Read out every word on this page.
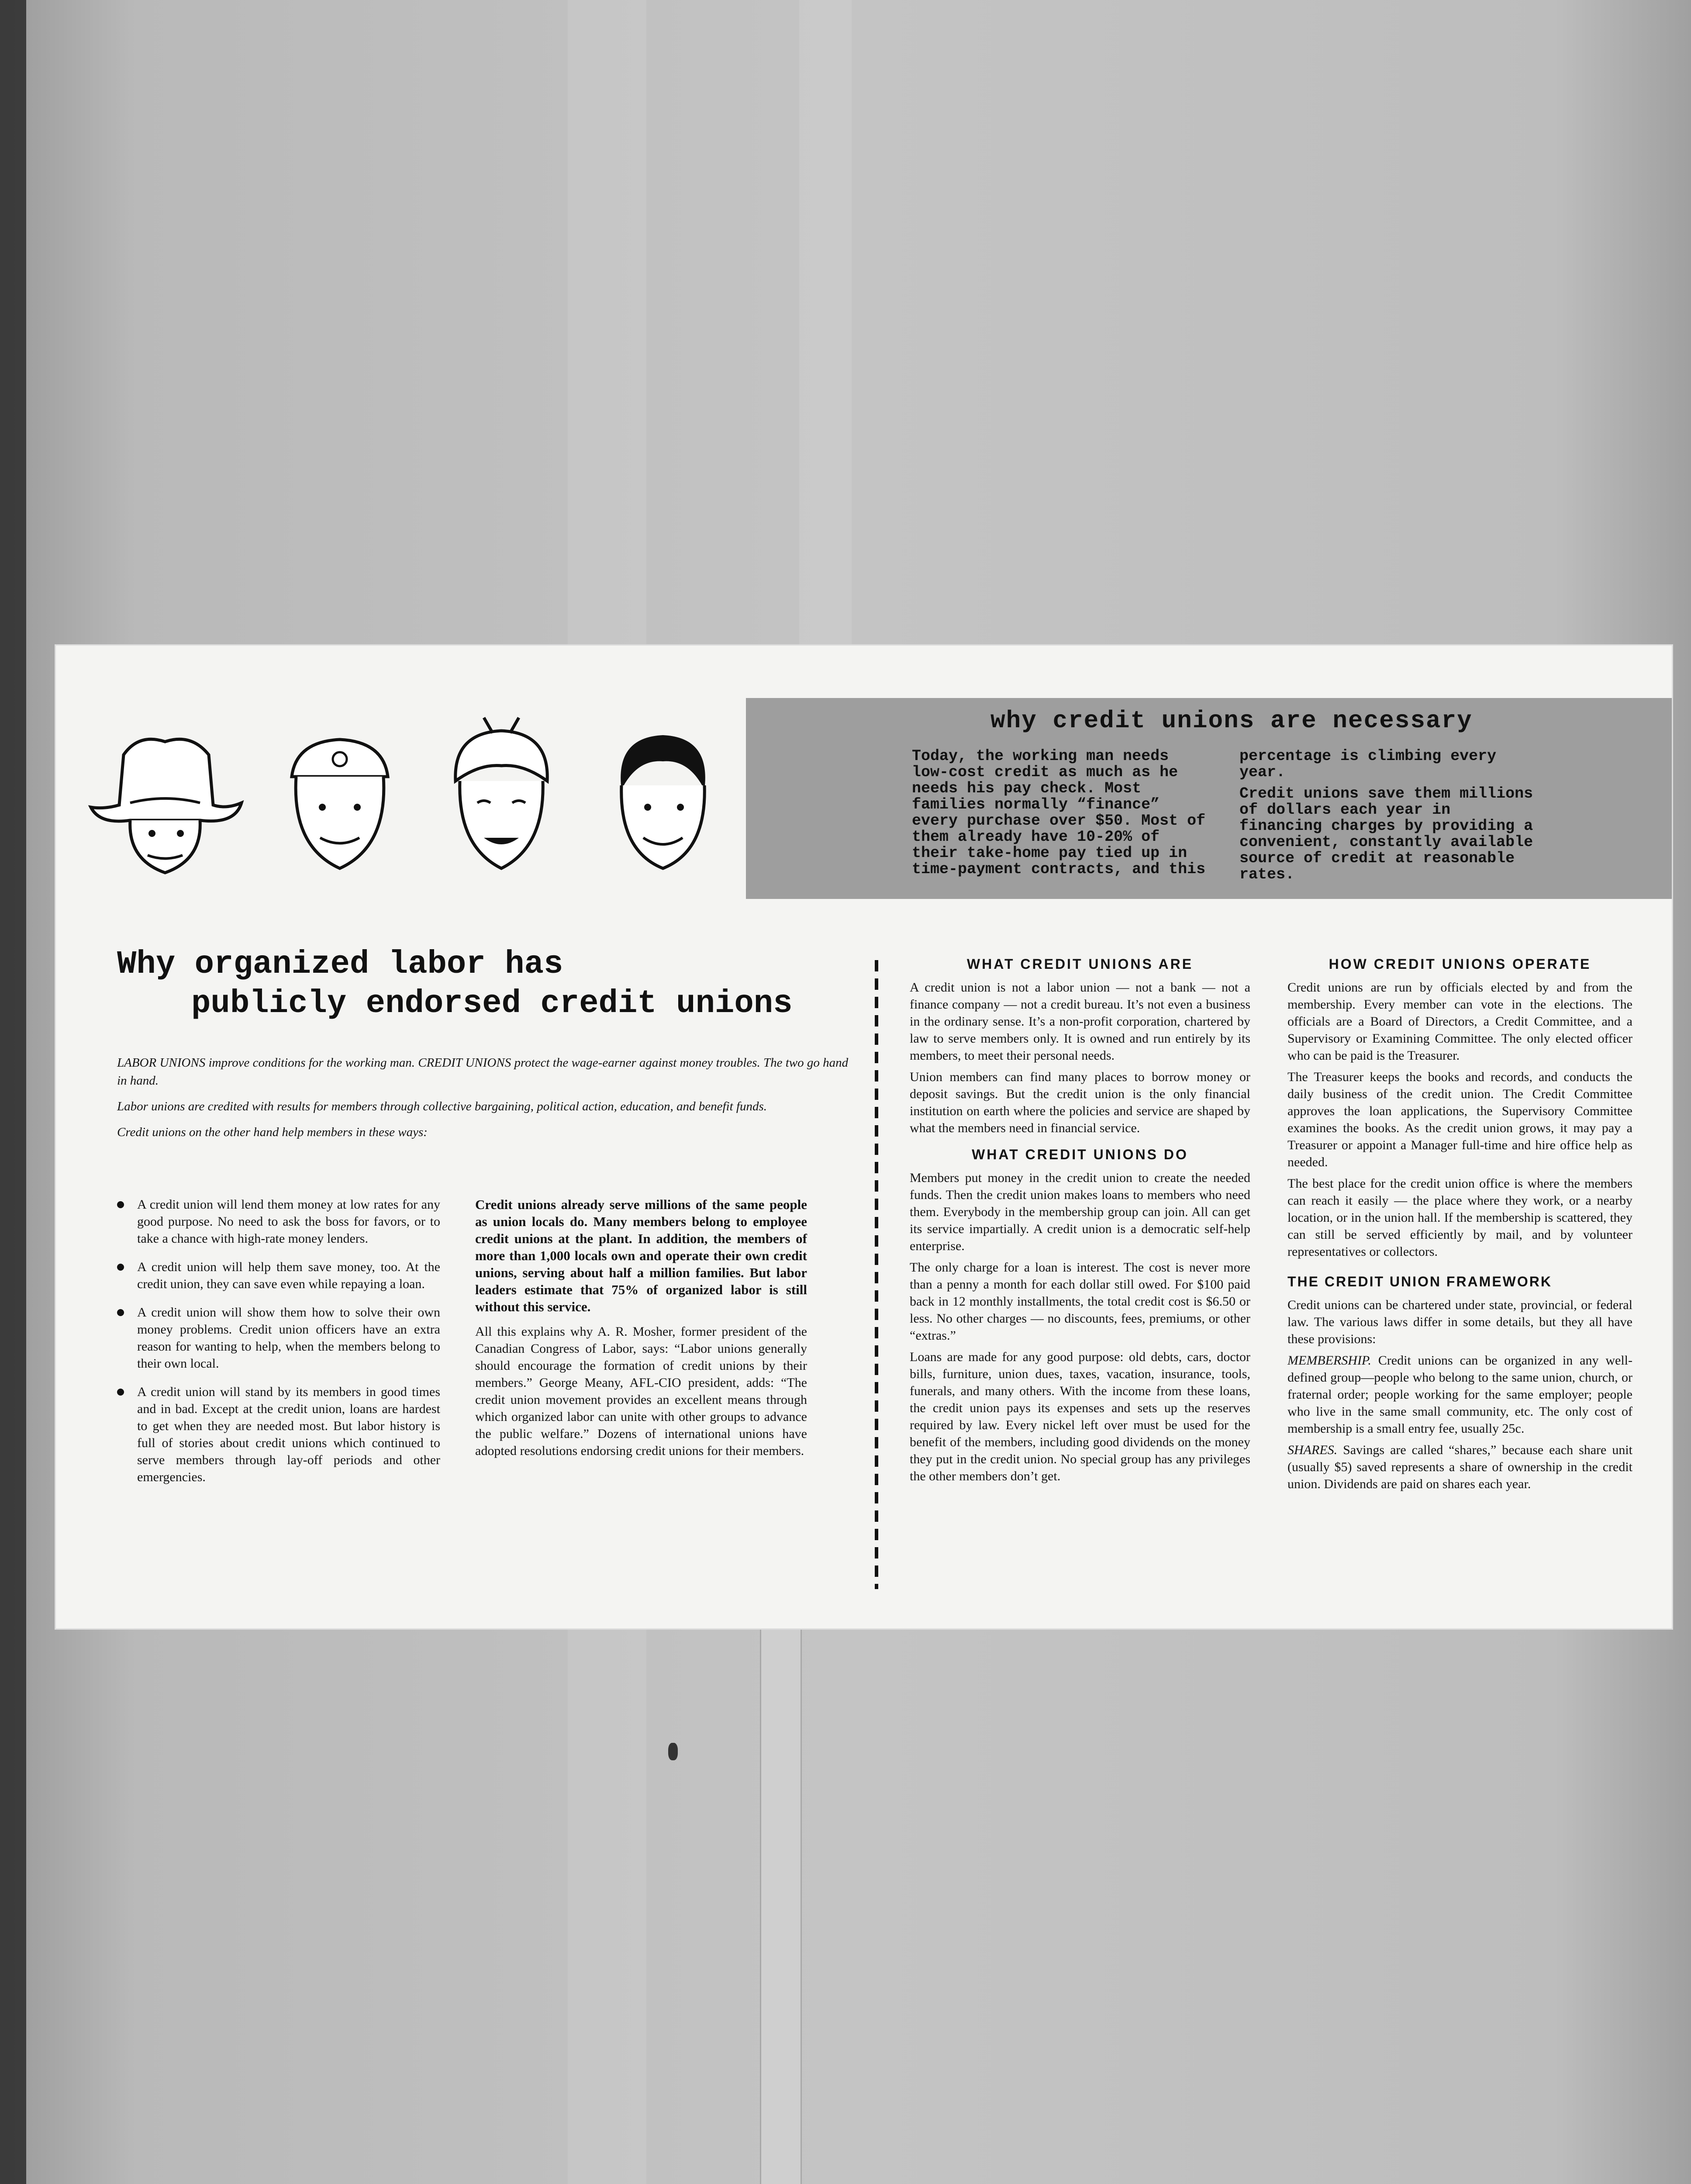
why credit unions are necessary
Today, the working man needs low-cost credit as much as he needs his pay check. Most families normally “finance” every purchase over $50. Most of them already have 10-20% of their take-home pay tied up in time-payment contracts, and this
percentage is climbing every year.
Credit unions save them millions of dollars each year in financing charges by providing a convenient, constantly available source of credit at reasonable rates.
Why organized labor has
publicly endorsed credit unions

LABOR UNIONS improve conditions for the working man. CREDIT UNIONS protect the wage-earner against money troubles. The two go hand in hand.

Labor unions are credited with results for members through collective bargaining, political action, education, and benefit funds.

Credit unions on the other hand help members in these ways:

A credit union will lend them money at low rates for any good purpose. No need to ask the boss for favors, or to take a chance with high-rate money lenders.
A credit union will help them save money, too. At the credit union, they can save even while repaying a loan.
A credit union will show them how to solve their own money problems. Credit union officers have an extra reason for wanting to help, when the members belong to their own local.
A credit union will stand by its members in good times and in bad. Except at the credit union, loans are hardest to get when they are needed most. But labor history is full of stories about credit unions which continued to serve members through lay-off periods and other emergencies.

Credit unions already serve millions of the same people as union locals do. Many members belong to employee credit unions at the plant. In addition, the members of more than 1,000 locals own and operate their own credit unions, serving about half a million families. But labor leaders estimate that 75% of organized labor is still without this service.

All this explains why A. R. Mosher, former president of the Canadian Congress of Labor, says: “Labor unions generally should encourage the formation of credit unions by their members.” George Meany, AFL-CIO president, adds: “The credit union movement provides an excellent means through which organized labor can unite with other groups to advance the public welfare.” Dozens of international unions have adopted resolutions endorsing credit unions for their members.

WHAT CREDIT UNIONS ARE

A credit union is not a labor union — not a bank — not a finance company — not a credit bureau. It’s not even a business in the ordinary sense. It’s a non-profit corporation, chartered by law to serve members only. It is owned and run entirely by its members, to meet their personal needs.

Union members can find many places to borrow money or deposit savings. But the credit union is the only financial institution on earth where the policies and service are shaped by what the members need in financial service.

WHAT CREDIT UNIONS DO

Members put money in the credit union to create the needed funds. Then the credit union makes loans to members who need them. Everybody in the membership group can join. All can get its service impartially. A credit union is a democratic self-help enterprise.

The only charge for a loan is interest. The cost is never more than a penny a month for each dollar still owed. For $100 paid back in 12 monthly installments, the total credit cost is $6.50 or less. No other charges — no discounts, fees, premiums, or other “extras.”

Loans are made for any good purpose: old debts, cars, doctor bills, furniture, union dues, taxes, vacation, insurance, tools, funerals, and many others. With the income from these loans, the credit union pays its expenses and sets up the reserves required by law. Every nickel left over must be used for the benefit of the members, including good dividends on the money they put in the credit union. No special group has any privileges the other members don’t get.

HOW CREDIT UNIONS OPERATE

Credit unions are run by officials elected by and from the membership. Every member can vote in the elections. The officials are a Board of Directors, a Credit Committee, and a Supervisory or Examining Committee. The only elected officer who can be paid is the Treasurer.

The Treasurer keeps the books and records, and conducts the daily business of the credit union. The Credit Committee approves the loan applications, the Supervisory Committee examines the books. As the credit union grows, it may pay a Treasurer or appoint a Manager full-time and hire office help as needed.

The best place for the credit union office is where the members can reach it easily — the place where they work, or a nearby location, or in the union hall. If the membership is scattered, they can still be served efficiently by mail, and by volunteer representatives or collectors.

THE CREDIT UNION FRAMEWORK

Credit unions can be chartered under state, provincial, or federal law. The various laws differ in some details, but they all have these provisions:

MEMBERSHIP. Credit unions can be organized in any well-defined group—people who belong to the same union, church, or fraternal order; people working for the same employer; people who live in the same small community, etc. The only cost of membership is a small entry fee, usually 25c.

SHARES. Savings are called “shares,” because each share unit (usually $5) saved represents a share of ownership in the credit union. Dividends are paid on shares each year.
